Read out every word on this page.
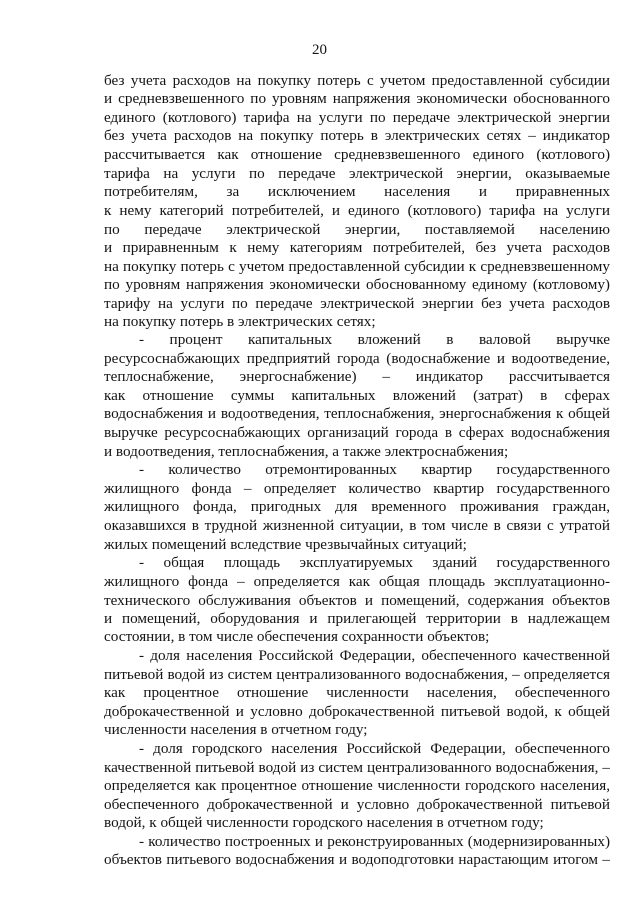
20
без учета расходов на покупку потерь с учетом предоставленной субсидии
и средневзвешенного по уровням напряжения экономически обоснованного
единого (котлового) тарифа на услуги по передаче электрической энергии
без учета расходов на покупку потерь в электрических сетях – индикатор
рассчитывается как отношение средневзвешенного единого (котлового)
тарифа на услуги по передаче электрической энергии, оказываемые
потребителям, за исключением населения и приравненных
к нему категорий потребителей, и единого (котлового) тарифа на услуги
по передаче электрической энергии, поставляемой населению
и приравненным к нему категориям потребителей, без учета расходов
на покупку потерь с учетом предоставленной субсидии к средневзвешенному
по уровням напряжения экономически обоснованному единому (котловому)
тарифу на услуги по передаче электрической энергии без учета расходов
на покупку потерь в электрических сетях;
- процент капитальных вложений в валовой выручке
ресурсоснабжающих предприятий города (водоснабжение и водоотведение,
теплоснабжение, энергоснабжение) – индикатор рассчитывается
как отношение суммы капитальных вложений (затрат) в сферах
водоснабжения и водоотведения, теплоснабжения, энергоснабжения к общей
выручке ресурсоснабжающих организаций города в сферах водоснабжения
и водоотведения, теплоснабжения, а также электроснабжения;
- количество отремонтированных квартир государственного
жилищного фонда – определяет количество квартир государственного
жилищного фонда, пригодных для временного проживания граждан,
оказавшихся в трудной жизненной ситуации, в том числе в связи с утратой
жилых помещений вследствие чрезвычайных ситуаций;
- общая площадь эксплуатируемых зданий государственного
жилищного фонда – определяется как общая площадь эксплуатационно-
технического обслуживания объектов и помещений, содержания объектов
и помещений, оборудования и прилегающей территории в надлежащем
состоянии, в том числе обеспечения сохранности объектов;
- доля населения Российской Федерации, обеспеченного качественной
питьевой водой из систем централизованного водоснабжения, – определяется
как процентное отношение численности населения, обеспеченного
доброкачественной и условно доброкачественной питьевой водой, к общей
численности населения в отчетном году;
- доля городского населения Российской Федерации, обеспеченного
качественной питьевой водой из систем централизованного водоснабжения, –
определяется как процентное отношение численности городского населения,
обеспеченного доброкачественной и условно доброкачественной питьевой
водой, к общей численности городского населения в отчетном году;
- количество построенных и реконструированных (модернизированных)
объектов питьевого водоснабжения и водоподготовки нарастающим итогом –
